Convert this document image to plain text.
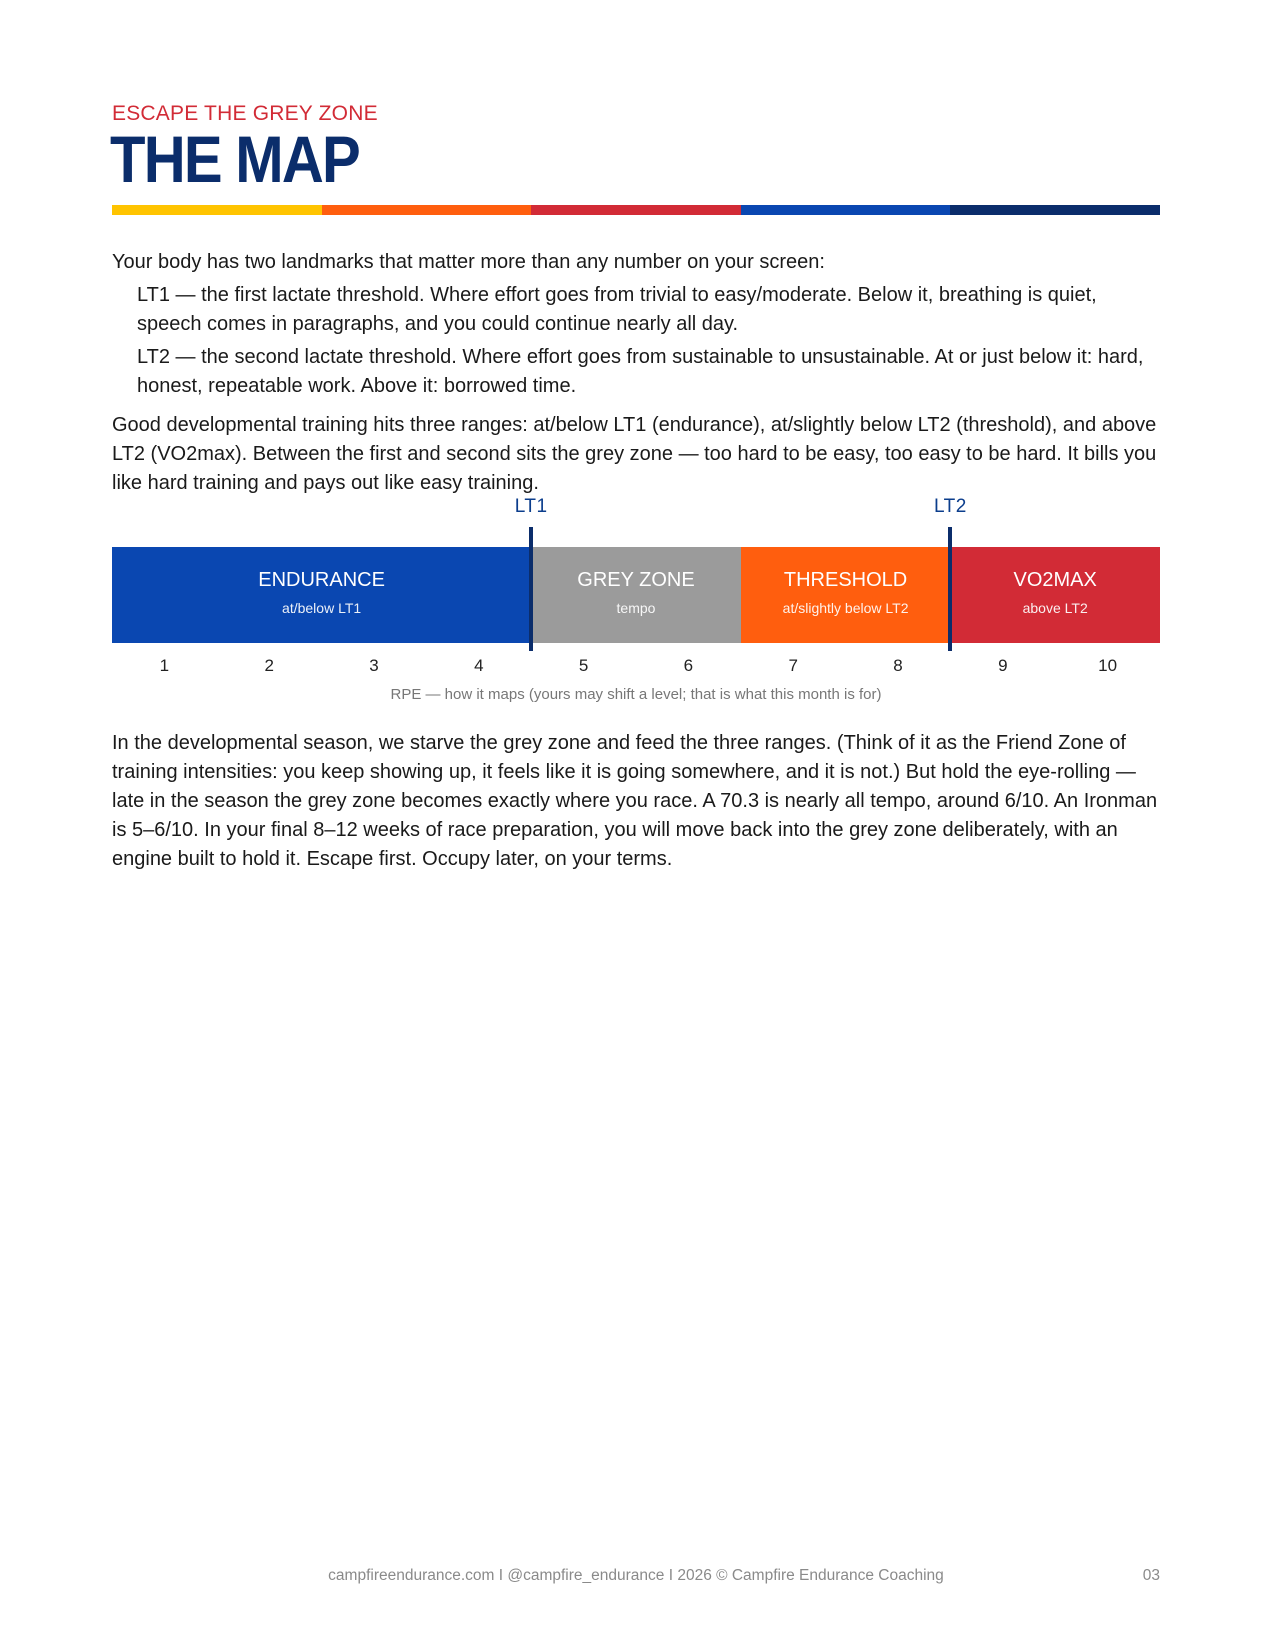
ESCAPE THE GREY ZONE
THE MAP
Your body has two landmarks that matter more than any number on your screen:
LT1 — the first lactate threshold. Where effort goes from trivial to easy/moderate. Below it, breathing is quiet, speech comes in paragraphs, and you could continue nearly all day.
LT2 — the second lactate threshold. Where effort goes from sustainable to unsustainable. At or just below it: hard, honest, repeatable work. Above it: borrowed time.
Good developmental training hits three ranges: at/below LT1 (endurance), at/slightly below LT2 (threshold), and above LT2 (VO2max). Between the first and second sits the grey zone — too hard to be easy, too easy to be hard. It bills you like hard training and pays out like easy training.
ENDURANCE
at/below LT1
GREY ZONE
tempo
THRESHOLD
at/slightly below LT2
VO2MAX
above LT2
LT1	LT2
1	2	3	4	5	6	7	8	9	10
RPE — how it maps (yours may shift a level; that is what this month is for)
In the developmental season, we starve the grey zone and feed the three ranges. (Think of it as the Friend Zone of training intensities: you keep showing up, it feels like it is going somewhere, and it is not.) But hold the eye-rolling — late in the season the grey zone becomes exactly where you race. A 70.3 is nearly all tempo, around 6/10. An Ironman is 5–6/10. In your final 8–12 weeks of race preparation, you will move back into the grey zone deliberately, with an engine built to hold it. Escape first. Occupy later, on your terms.
campfireendurance.com I @campfire_endurance I 2026 © Campfire Endurance Coaching	03
